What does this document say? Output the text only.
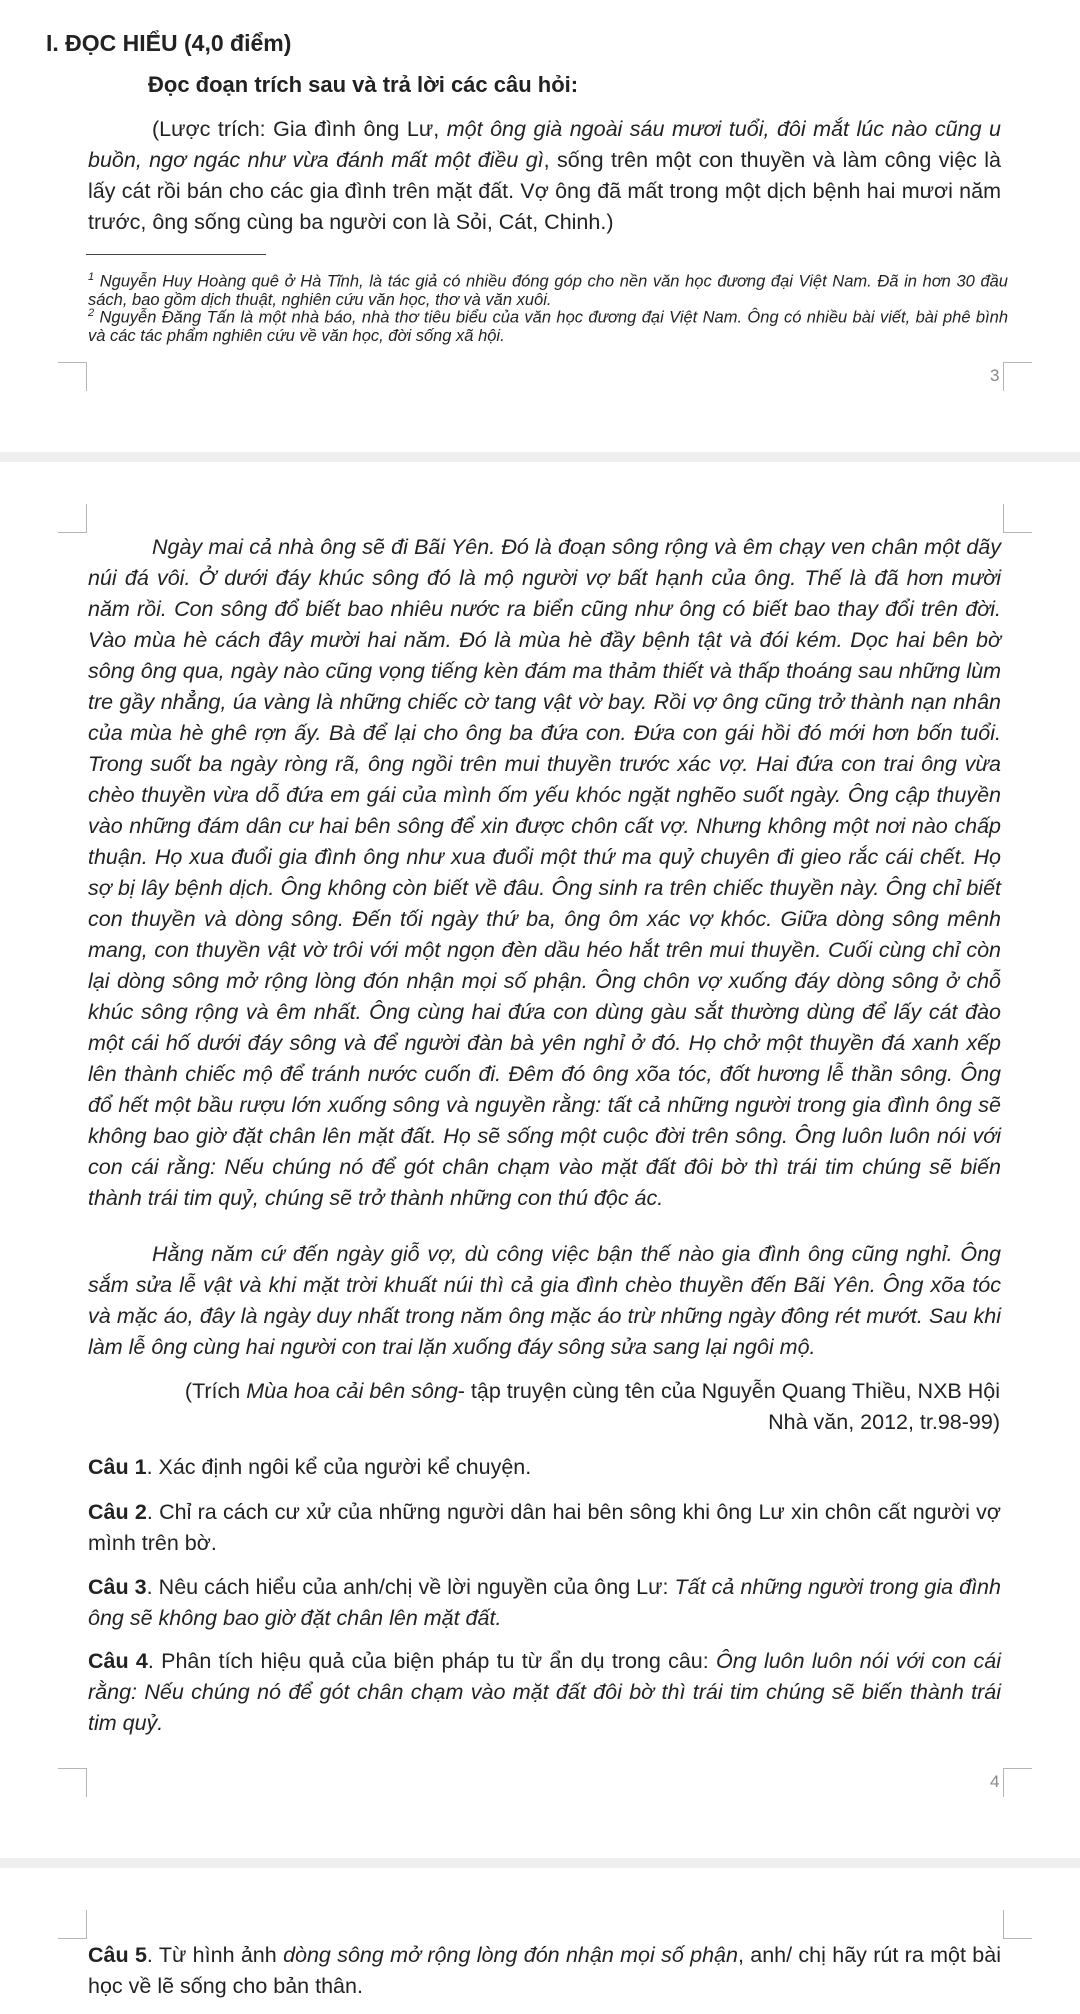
I. ĐỌC HIỂU (4,0 điểm)

Đọc đoạn trích sau và trả lời các câu hỏi:

(Lược trích: Gia đình ông Lư, một ông già ngoài sáu mươi tuổi, đôi mắt lúc nào cũng u buồn, ngơ ngác như vừa đánh mất một điều gì, sống trên một con thuyền và làm công việc là lấy cát rồi bán cho các gia đình trên mặt đất. Vợ ông đã mất trong một dịch bệnh hai mươi năm trước, ông sống cùng ba người con là Sỏi, Cát, Chinh.)

$^1$ Nguyễn Huy Hoàng quê ở Hà Tĩnh, là tác giả có nhiều đóng góp cho nền văn học đương đại Việt Nam. Đã in hơn 30 đầu sách, bao gồm dịch thuật, nghiên cứu văn học, thơ và văn xuôi.

$^2$ Nguyễn Đăng Tấn là một nhà báo, nhà thơ tiêu biểu của văn học đương đại Việt Nam. Ông có nhiều bài viết, bài phê bình và các tác phẩm nghiên cứu về văn học, đời sống xã hội.

3

Ngày mai cả nhà ông sẽ đi Bãi Yên. Đó là đoạn sông rộng và êm chạy ven chân một dãy núi đá vôi. Ở dưới đáy khúc sông đó là mộ người vợ bất hạnh của ông. Thế là đã hơn mười năm rồi. Con sông đổ biết bao nhiêu nước ra biển cũng như ông có biết bao thay đổi trên đời. Vào mùa hè cách đây mười hai năm. Đó là mùa hè đầy bệnh tật và đói kém. Dọc hai bên bờ sông ông qua, ngày nào cũng vọng tiếng kèn đám ma thảm thiết và thấp thoáng sau những lùm tre gầy nhẳng, úa vàng là những chiếc cờ tang vật vờ bay. Rồi vợ ông cũng trở thành nạn nhân của mùa hè ghê rợn ấy. Bà để lại cho ông ba đứa con. Đứa con gái hồi đó mới hơn bốn tuổi. Trong suốt ba ngày ròng rã, ông ngồi trên mui thuyền trước xác vợ. Hai đứa con trai ông vừa chèo thuyền vừa dỗ đứa em gái của mình ốm yếu khóc ngặt nghẽo suốt ngày. Ông cập thuyền vào những đám dân cư hai bên sông để xin được chôn cất vợ. Nhưng không một nơi nào chấp thuận. Họ xua đuổi gia đình ông như xua đuổi một thứ ma quỷ chuyên đi gieo rắc cái chết. Họ sợ bị lây bệnh dịch. Ông không còn biết về đâu. Ông sinh ra trên chiếc thuyền này. Ông chỉ biết con thuyền và dòng sông. Đến tối ngày thứ ba, ông ôm xác vợ khóc. Giữa dòng sông mênh mang, con thuyền vật vờ trôi với một ngọn đèn dầu héo hắt trên mui thuyền. Cuối cùng chỉ còn lại dòng sông mở rộng lòng đón nhận mọi số phận. Ông chôn vợ xuống đáy dòng sông ở chỗ khúc sông rộng và êm nhất. Ông cùng hai đứa con dùng gàu sắt thường dùng để lấy cát đào một cái hố dưới đáy sông và để người đàn bà yên nghỉ ở đó. Họ chở một thuyền đá xanh xếp lên thành chiếc mộ để tránh nước cuốn đi. Đêm đó ông xõa tóc, đốt hương lễ thần sông. Ông đổ hết một bầu rượu lớn xuống sông và nguyền rằng: tất cả những người trong gia đình ông sẽ không bao giờ đặt chân lên mặt đất. Họ sẽ sống một cuộc đời trên sông. Ông luôn luôn nói với con cái rằng: Nếu chúng nó để gót chân chạm vào mặt đất đôi bờ thì trái tim chúng sẽ biến thành trái tim quỷ, chúng sẽ trở thành những con thú độc ác.

Hằng năm cứ đến ngày giỗ vợ, dù công việc bận thế nào gia đình ông cũng nghỉ. Ông sắm sửa lễ vật và khi mặt trời khuất núi thì cả gia đình chèo thuyền đến Bãi Yên. Ông xõa tóc và mặc áo, đây là ngày duy nhất trong năm ông mặc áo trừ những ngày đông rét mướt. Sau khi làm lễ ông cùng hai người con trai lặn xuống đáy sông sửa sang lại ngôi mộ.

(Trích Mùa hoa cải bên sông- tập truyện cùng tên của Nguyễn Quang Thiều, NXB Hội Nhà văn, 2012, tr.98-99)

Câu 1. Xác định ngôi kể của người kể chuyện.

Câu 2. Chỉ ra cách cư xử của những người dân hai bên sông khi ông Lư xin chôn cất người vợ mình trên bờ.

Câu 3. Nêu cách hiểu của anh/chị về lời nguyền của ông Lư: Tất cả những người trong gia đình ông sẽ không bao giờ đặt chân lên mặt đất.

Câu 4. Phân tích hiệu quả của biện pháp tu từ ẩn dụ trong câu: Ông luôn luôn nói với con cái rằng: Nếu chúng nó để gót chân chạm vào mặt đất đôi bờ thì trái tim chúng sẽ biến thành trái tim quỷ.

4

Câu 5. Từ hình ảnh dòng sông mở rộng lòng đón nhận mọi số phận, anh/ chị hãy rút ra một bài học về lẽ sống cho bản thân.
